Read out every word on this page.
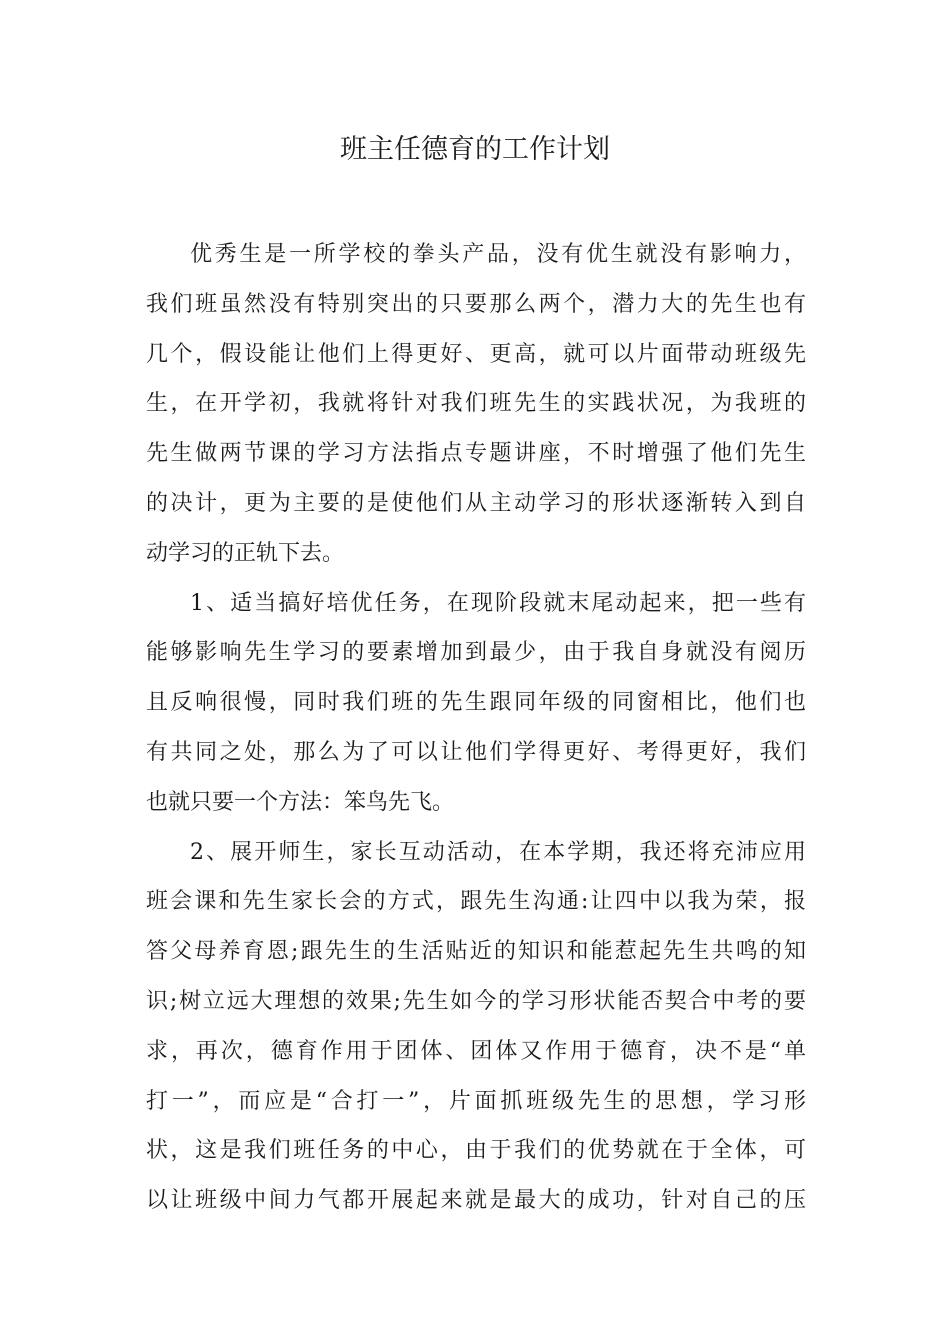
班主任德育的工作计划
优秀生是一所学校的拳头产品，没有优生就没有影响力，
我们班虽然没有特别突出的只要那么两个，潜力大的先生也有
几个，假设能让他们上得更好、更高，就可以片面带动班级先
生，在开学初，我就将针对我们班先生的实践状况，为我班的
先生做两节课的学习方法指点专题讲座，不时增强了他们先生
的决计，更为主要的是使他们从主动学习的形状逐渐转入到自
动学习的正轨下去。
1、适当搞好培优任务，在现阶段就末尾动起来，把一些有
能够影响先生学习的要素增加到最少，由于我自身就没有阅历
且反响很慢，同时我们班的先生跟同年级的同窗相比，他们也
有共同之处，那么为了可以让他们学得更好、考得更好，我们
也就只要一个方法：笨鸟先飞。
2、展开师生，家长互动活动，在本学期，我还将充沛应用
班会课和先生家长会的方式，跟先生沟通:让四中以我为荣，报
答父母养育恩;跟先生的生活贴近的知识和能惹起先生共鸣的知
识;树立远大理想的效果;先生如今的学习形状能否契合中考的要
求，再次，德育作用于团体、团体又作用于德育，决不是“单
打一”，而应是“合打一”，片面抓班级先生的思想，学习形
状，这是我们班任务的中心，由于我们的优势就在于全体，可
以让班级中间力气都开展起来就是最大的成功，针对自己的压
